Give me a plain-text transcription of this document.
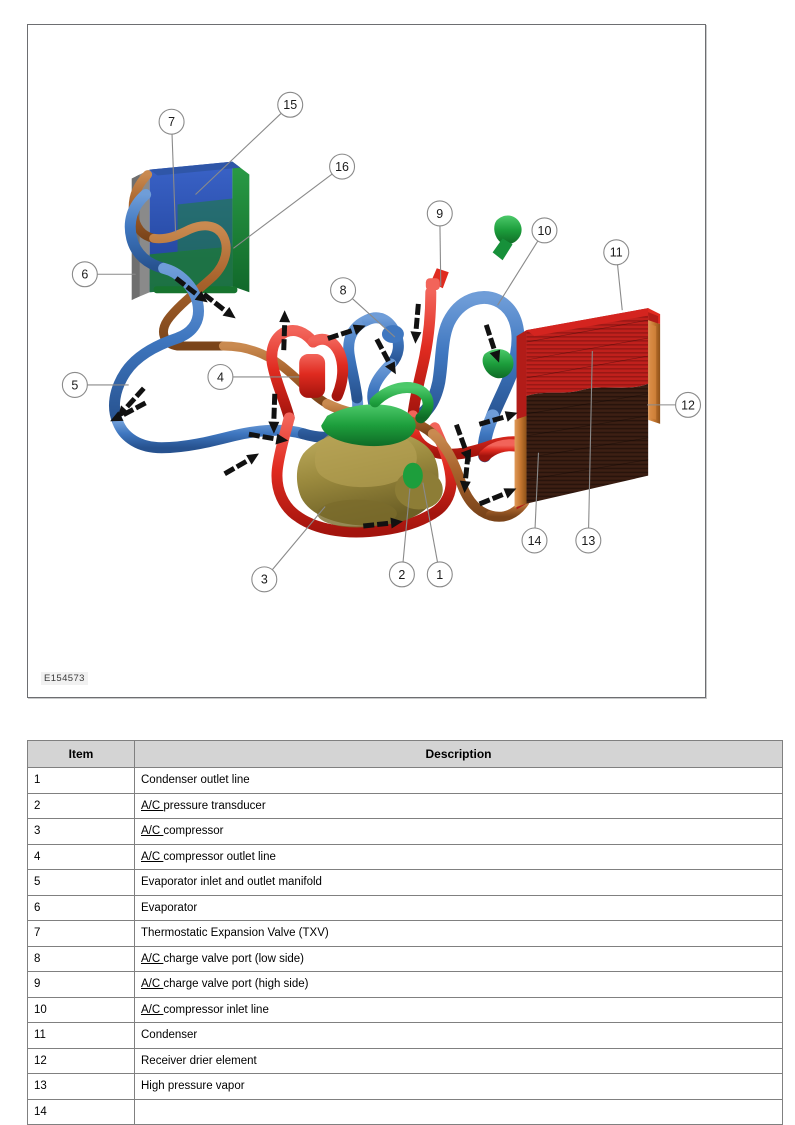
1
2
3
4
5
6
7
8
9
10
11
12
13
14
15
16
E154573
Item	Description
1	Condenser outlet line
2	A/C pressure transducer
3	A/C compressor
4	A/C compressor outlet line
5	Evaporator inlet and outlet manifold
6	Evaporator
7	Thermostatic Expansion Valve (TXV)
8	A/C charge valve port (low side)
9	A/C charge valve port (high side)
10	A/C compressor inlet line
11	Condenser
12	Receiver drier element
13	High pressure vapor
14	
